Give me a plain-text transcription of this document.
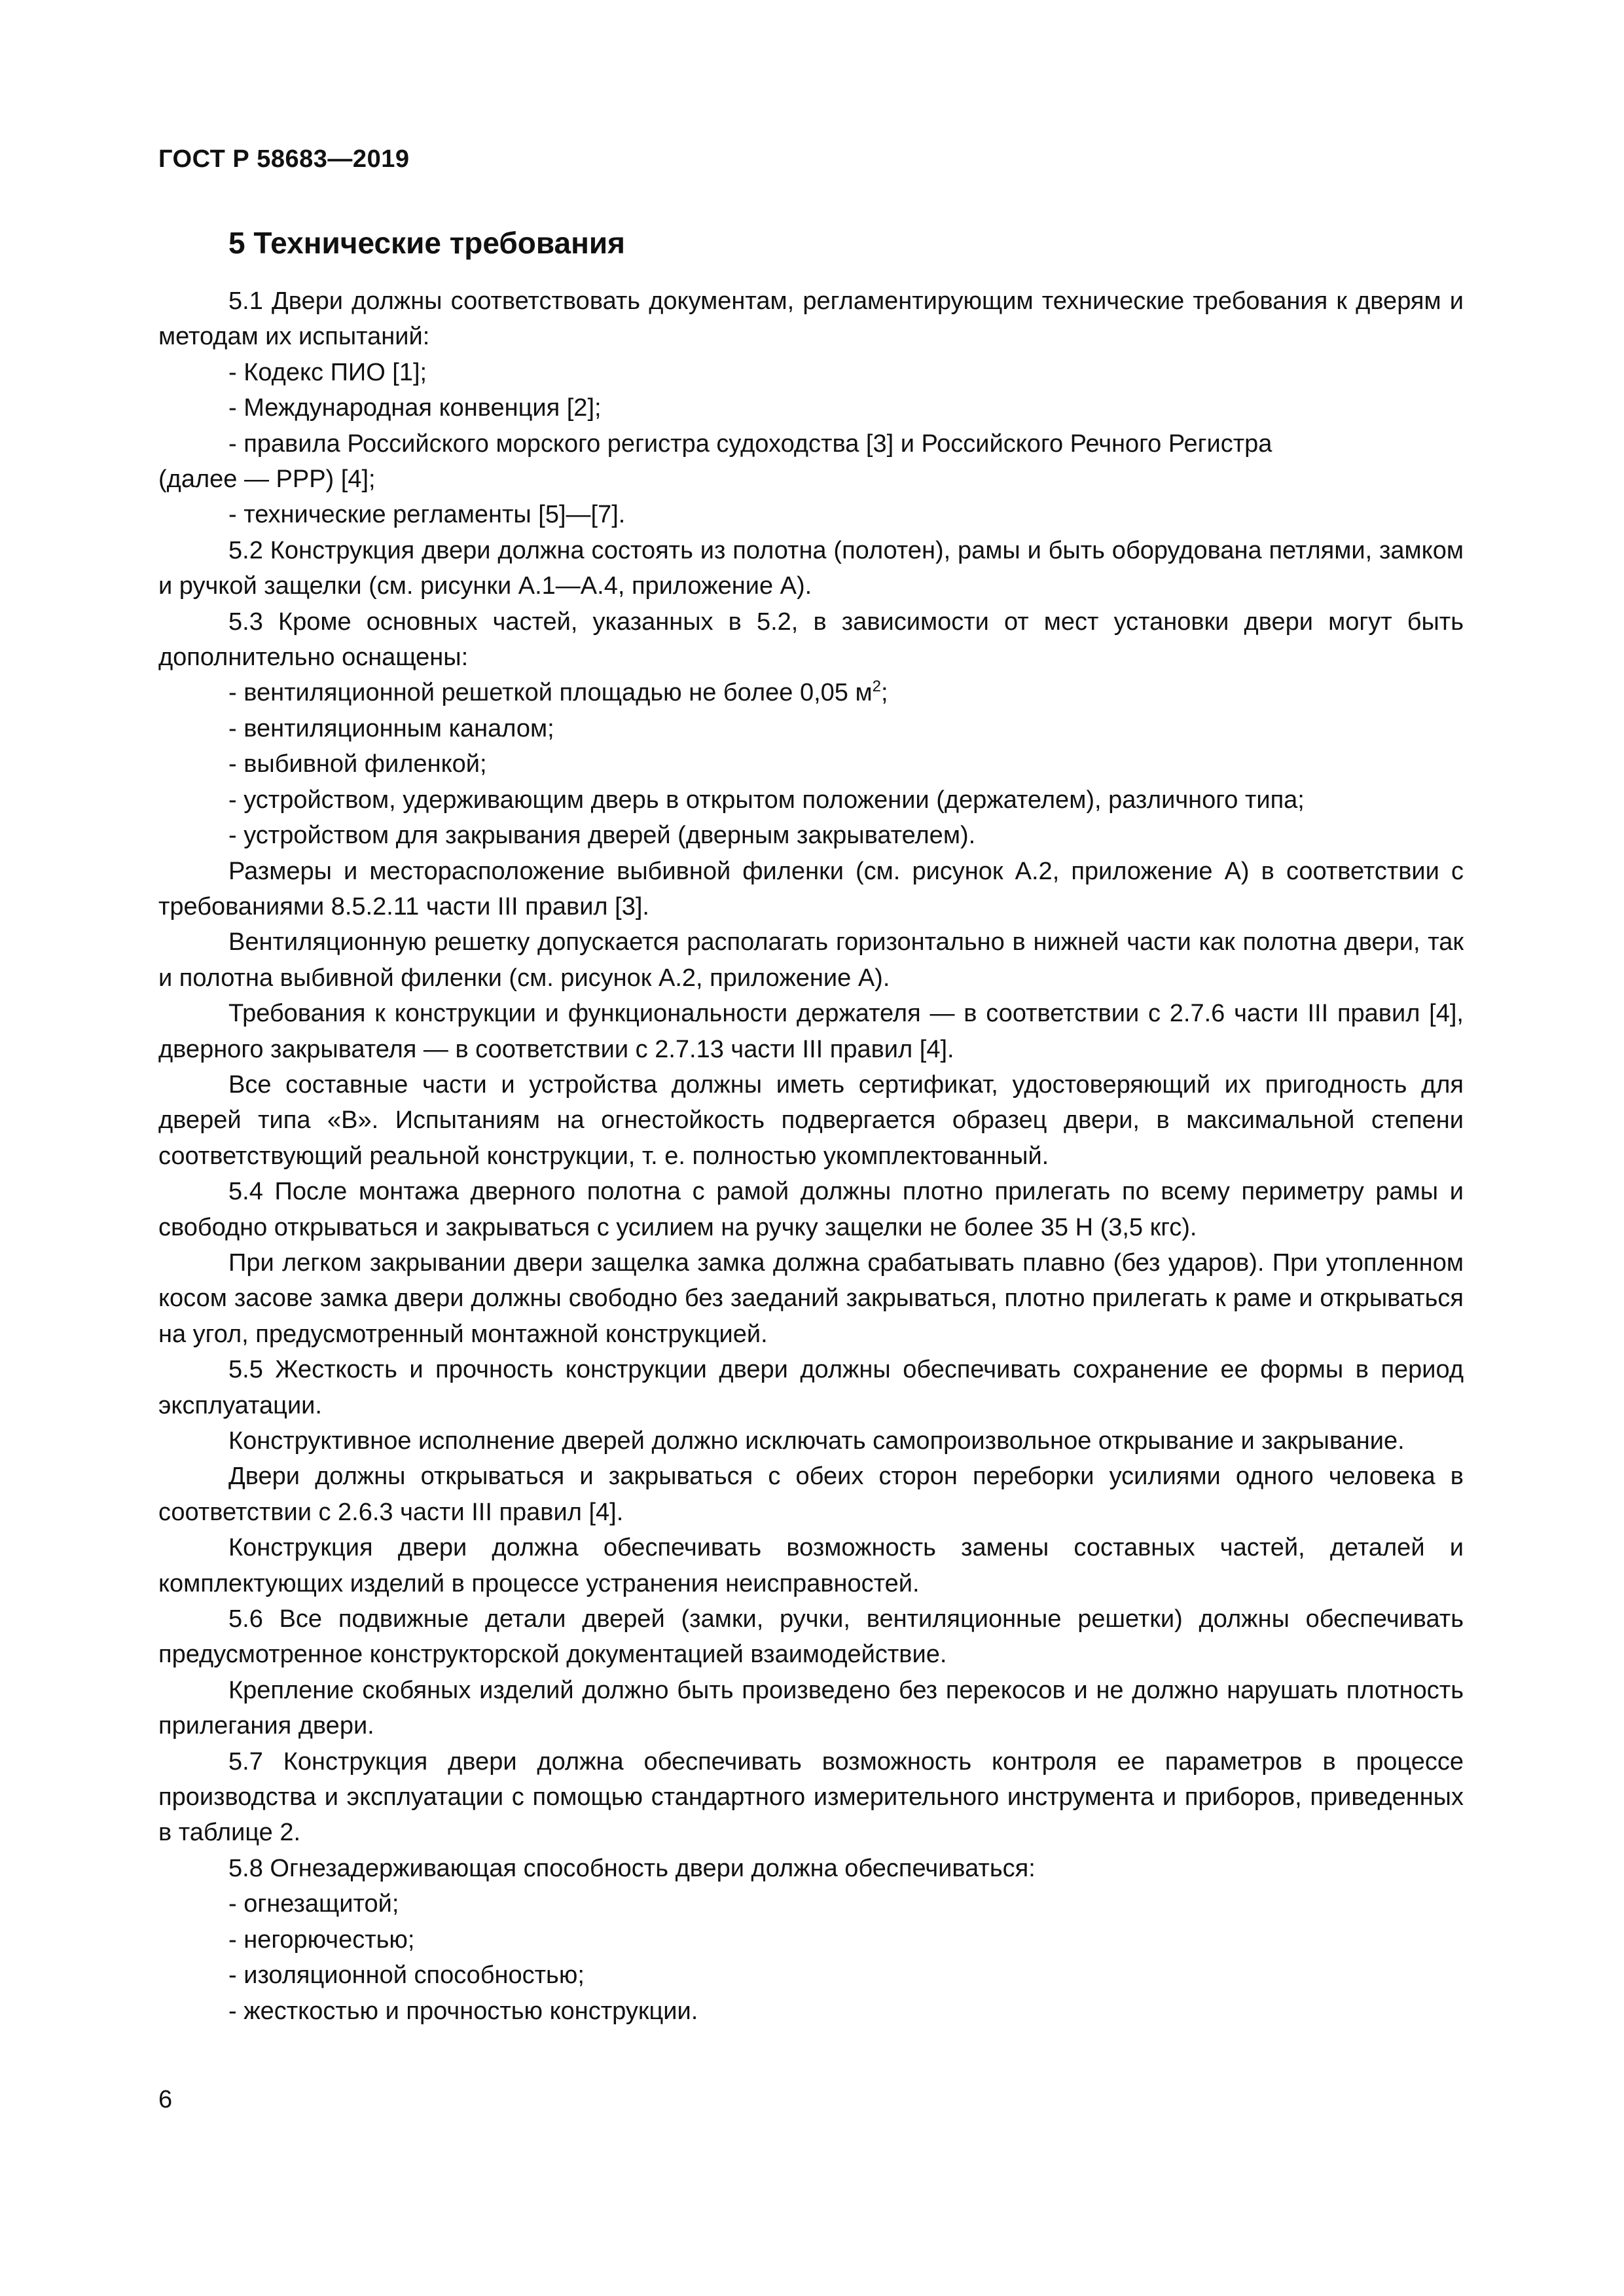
ГОСТ Р 58683—2019
5 Технические требования

5.1 Двери должны соответствовать документам, регламентирующим технические требования к дверям и методам их испытаний:

- Кодекс ПИО [1];

- Международная конвенция [2];

- правила Российского морского регистра судоходства [3] и Российского Речного Регистра

(далее — РРР) [4];

- технические регламенты [5]—[7].

5.2 Конструкция двери должна состоять из полотна (полотен), рамы и быть оборудована петлями, замком и ручкой защелки (см. рисунки А.1—А.4, приложение А).

5.3 Кроме основных частей, указанных в 5.2, в зависимости от мест установки двери могут быть дополнительно оснащены:

- вентиляционной решеткой площадью не более 0,05 $м^2$;

- вентиляционным каналом;

- выбивной филенкой;

- устройством, удерживающим дверь в открытом положении (держателем), различного типа;

- устройством для закрывания дверей (дверным закрывателем).

Размеры и месторасположение выбивной филенки (см. рисунок А.2, приложение А) в соответствии с требованиями 8.5.2.11 части III правил [3].

Вентиляционную решетку допускается располагать горизонтально в нижней части как полотна двери, так и полотна выбивной филенки (см. рисунок А.2, приложение А).

Требования к конструкции и функциональности держателя — в соответствии с 2.7.6 части III правил [4], дверного закрывателя — в соответствии с 2.7.13 части III правил [4].

Все составные части и устройства должны иметь сертификат, удостоверяющий их пригодность для дверей типа «В». Испытаниям на огнестойкость подвергается образец двери, в максимальной степени соответствующий реальной конструкции, т. е. полностью укомплектованный.

5.4 После монтажа дверного полотна с рамой должны плотно прилегать по всему периметру рамы и свободно открываться и закрываться с усилием на ручку защелки не более 35 Н (3,5 кгс).

При легком закрывании двери защелка замка должна срабатывать плавно (без ударов). При утопленном косом засове замка двери должны свободно без заеданий закрываться, плотно прилегать к раме и открываться на угол, предусмотренный монтажной конструкцией.

5.5 Жесткость и прочность конструкции двери должны обеспечивать сохранение ее формы в период эксплуатации.

Конструктивное исполнение дверей должно исключать самопроизвольное открывание и закрывание.

Двери должны открываться и закрываться с обеих сторон переборки усилиями одного человека в соответствии с 2.6.3 части III правил [4].

Конструкция двери должна обеспечивать возможность замены составных частей, деталей и комплектующих изделий в процессе устранения неисправностей.

5.6 Все подвижные детали дверей (замки, ручки, вентиляционные решетки) должны обеспечивать предусмотренное конструкторской документацией взаимодействие.

Крепление скобяных изделий должно быть произведено без перекосов и не должно нарушать плотность прилегания двери.

5.7 Конструкция двери должна обеспечивать возможность контроля ее параметров в процессе производства и эксплуатации с помощью стандартного измерительного инструмента и приборов, приведенных в таблице 2.

5.8 Огнезадерживающая способность двери должна обеспечиваться:

- огнезащитой;

- негорючестью;

- изоляционной способностью;

- жесткостью и прочностью конструкции.

6
